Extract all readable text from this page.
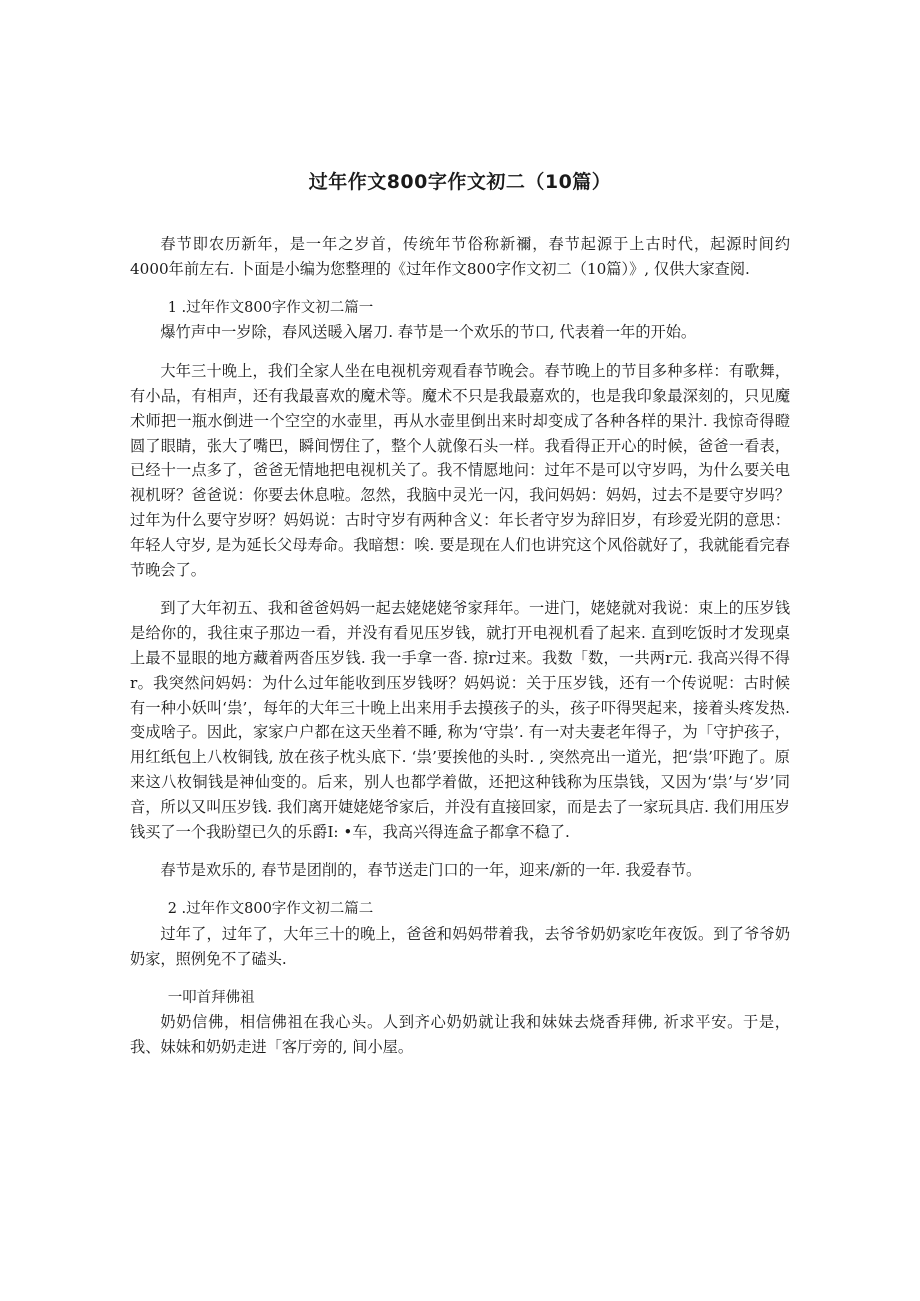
过年作文800字作文初二（10篇）

春节即农历新年，是一年之岁首，传统年节俗称新禰，春节起源于上古时代，起源时间约4000年前左右. 卜面是小编为您整理的《过年作文800字作文初二（10篇）》, 仅供大家查阅.

1 .过年作文800字作文初二篇一

爆竹声中一岁除，春风送暖入屠刀. 春节是一个欢乐的节口, 代表着一年的开始。

大年三十晚上，我们全家人坐在电视机旁观看春节晚会。春节晚上的节目多种多样：有歌舞，有小品，有相声，还有我最喜欢的魔术等。魔术不只是我最嘉欢的，也是我印象最深刻的，只见魔术师把一瓶水倒进一个空空的水壶里，再从水壶里倒出来时却变成了各种各样的果汁. 我惊奇得瞪圆了眼睛，张大了嘴巴，瞬间愣住了，整个人就像石头一样。我看得正开心的时候，爸爸一看表，已经十一点多了，爸爸无情地把电视机关了。我不情愿地问：过年不是可以守岁吗，为什么要关电视机呀？爸爸说：你要去休息啦。忽然，我脑中灵光一闪，我问妈妈：妈妈，过去不是要守岁吗？过年为什么要守岁呀？妈妈说：古时守岁有两种含义：年长者守岁为辞旧岁，有珍爱光阴的意思：年轻人守岁, 是为延长父母寿命。我暗想：唉. 要是现在人们也讲究这个风俗就好了，我就能看完春节晚会了。

到了大年初五、我和爸爸妈妈一起去姥姥姥爷家拜年。一进门，姥姥就对我说：束上的压岁钱是给你的，我往束子那边一看，并没有看见压岁钱，就打开电视机看了起来. 直到吃饭时才发现桌上最不显眼的地方藏着两沓压岁钱. 我一手拿一沓. 掠r过来。我数「数，一共两r元. 我高兴得不得r。我突然问妈妈：为什么过年能收到压岁钱呀？妈妈说：关于压岁钱，还有一个传说呢：古时候有一种小妖叫‘祟’，每年的大年三十晚上出来用手去摸孩子的头，孩子吓得哭起来，接着头疼发热. 变成啥子。因此，家家户户都在这天坐着不睡, 称为‘守祟’. 有一对夫妻老年得子，为「守护孩子，用红纸包上八枚铜钱, 放在孩子枕头底下. ‘祟’要挨他的头时. , 突然亮出一道光，把‘祟’吓跑了。原来这八枚铜钱是神仙变的。后来，别人也都学着做，还把这种钱称为压祟钱，又因为‘祟’与‘岁’同音，所以又叫压岁钱. 我们离开婕姥姥爷家后，并没有直接回家，而是去了一家玩具店. 我们用压岁钱买了一个我盼望已久的乐爵I: •车，我高兴得连盒子都拿不稳了.

春节是欢乐的, 春节是团削的，春节送走门口的一年，迎来/新的一年. 我爱春节。

2 .过年作文800字作文初二篇二

过年了，过年了，大年三十的晚上，爸爸和妈妈带着我，去爷爷奶奶家吃年夜饭。到了爷爷奶奶家，照例免不了磕头.

一叩首拜佛祖

奶奶信佛，相信佛祖在我心头。人到齐心奶奶就让我和妹妹去烧香拜佛, 祈求平安。于是，我、妹妹和奶奶走进「客厅旁的, 间小屋。
